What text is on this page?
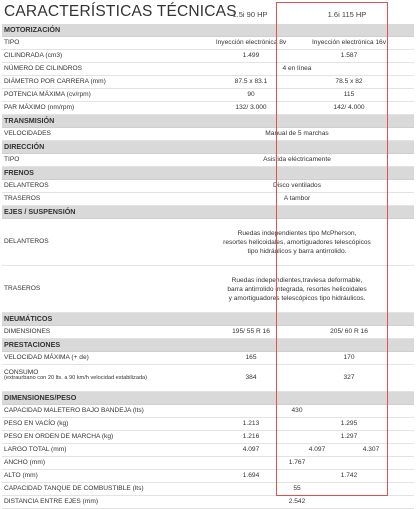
CARACTERÍSTICAS TÉCNICAS
1.5i 90 HP	1.6i 115 HP
MOTORIZACIÓN
TIPO	Inyección electrónica 8v	Inyección electrónica 16v
CILINDRADA (cm3)	1.499	1.587
NÚMERO DE CILINDROS	4 en línea
DIÁMETRO POR CARRERA (mm)	87.5 x 83.1	78.5 x 82
POTENCIA MÁXIMA (cv/rpm)	90	115
PAR MÁXIMO (nm/rpm)	132/ 3.000	142/ 4.000
TRANSMISIÓN
VELOCIDADES	Manual de 5 marchas
DIRECCIÓN
TIPO	Asistida eléctricamente
FRENOS
DELANTEROS	Disco ventilados
TRASEROS	A tambor
EJES / SUSPENSIÓN
DELANTEROS
Ruedas independientes tipo McPherson,
resortes helicoidales, amortiguadores telescópicos
tipo hidráulicos y barra antirrolido.
TRASEROS
Ruedas independientes,traviesa deformable,
barra antirrolido integrada, resortes helicoidales
y amortiguadores telescópicos tipo hidráulicos.
NEUMÁTICOS
DIMENSIONES	195/ 55 R 16	205/ 60 R 16
PRESTACIONES
VELOCIDAD MÁXIMA (+ de)	165	170
CONSUMO
(extraurbano con 20 lts. a 90 km/h velocidad estabilizada)	384	327
DIMENSIONES/PESO
CAPACIDAD MALETERO BAJO BANDEJA (lts)	430
PESO EN VACÍO (kg)	1.213	1.295
PESO EN ORDEN DE MARCHA (kg)	1.216	1.297
LARGO TOTAL (mm)	4.097	4.097	4.307
ANCHO (mm)	1.767
ALTO (mm)	1.694	1.742
CAPACIDAD TANQUE DE COMBUSTIBLE (lts)	55
DISTANCIA ENTRE EJES (mm)	2.542
